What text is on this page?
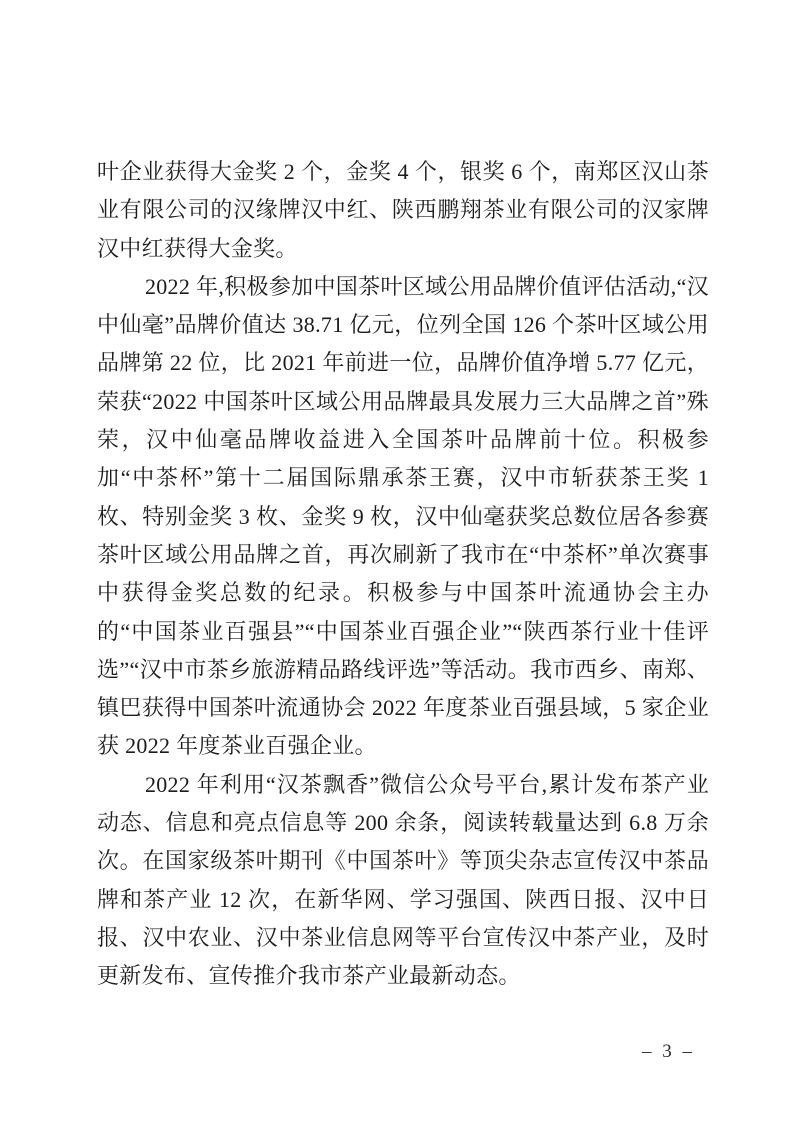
叶企业获得大金奖 2 个，金奖 4 个，银奖 6 个，南郑区汉山茶业有限公司的汉缘牌汉中红、陕西鹏翔茶业有限公司的汉家牌汉中红获得大金奖。

2022 年,积极参加中国茶叶区域公用品牌价值评估活动,“汉中仙毫”品牌价值达 38.71 亿元，位列全国 126 个茶叶区域公用品牌第 22 位，比 2021 年前进一位，品牌价值净增 5.77 亿元，荣获“2022 中国茶叶区域公用品牌最具发展力三大品牌之首”殊荣，汉中仙毫品牌收益进入全国茶叶品牌前十位。积极参加“中茶杯”第十二届国际鼎承茶王赛，汉中市斩获茶王奖 1 枚、特别金奖 3 枚、金奖 9 枚，汉中仙毫获奖总数位居各参赛茶叶区域公用品牌之首，再次刷新了我市在“中茶杯”单次赛事中获得金奖总数的纪录。积极参与中国茶叶流通协会主办的“中国茶业百强县”“中国茶业百强企业”“陕西茶行业十佳评选”“汉中市茶乡旅游精品路线评选”等活动。我市西乡、南郑、镇巴获得中国茶叶流通协会 2022 年度茶业百强县域，5 家企业获 2022 年度茶业百强企业。

2022 年利用“汉茶飘香”微信公众号平台,累计发布茶产业动态、信息和亮点信息等 200 余条，阅读转载量达到 6.8 万余次。在国家级茶叶期刊《中国茶叶》等顶尖杂志宣传汉中茶品牌和茶产业 12 次，在新华网、学习强国、陕西日报、汉中日报、汉中农业、汉中茶业信息网等平台宣传汉中茶产业，及时更新发布、宣传推介我市茶产业最新动态。

– 3 –
